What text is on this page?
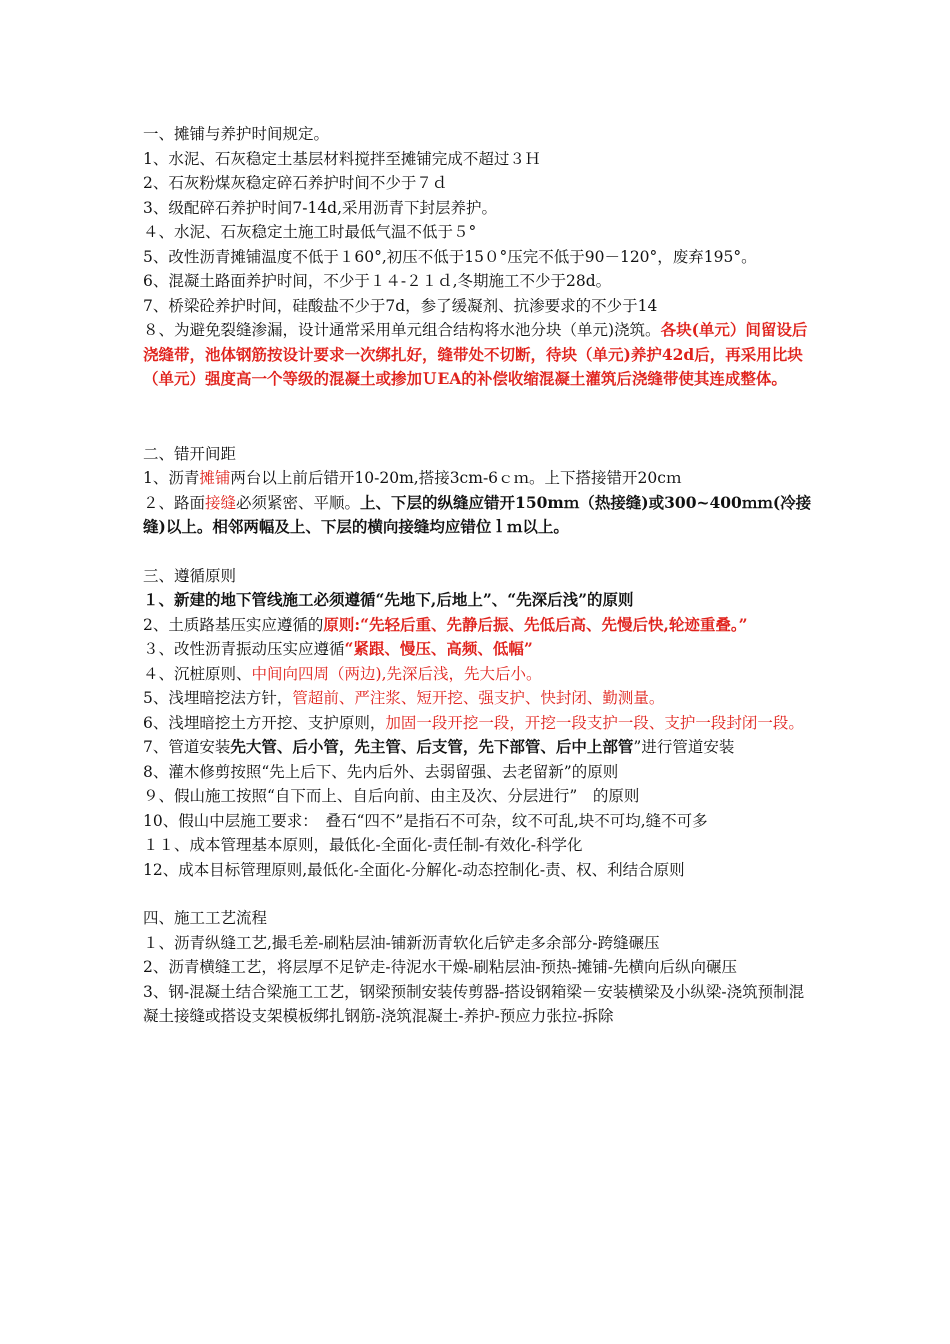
一、摊铺与养护时间规定。

1、水泥、石灰稳定土基层材料搅拌至摊铺完成不超过３Ｈ

2、石灰粉煤灰稳定碎石养护时间不少于７ｄ

3、级配碎石养护时间7-14d,采用沥青下封层养护。

４、水泥、石灰稳定土施工时最低气温不低于５°

5、改性沥青摊铺温度不低于１60°,初压不低于15０°压完不低于90－120°，废弃195°。

6、混凝土路面养护时间，不少于１４-２１ｄ,冬期施工不少于28d。

7、桥梁砼养护时间，硅酸盐不少于7d，参了缓凝剂、抗渗要求的不少于14

８、为避免裂缝渗漏，设计通常采用单元组合结构将水池分块（单元)浇筑。各块(单元）间留设后浇缝带，池体钢筋按设计要求一次绑扎好，缝带处不切断，待块（单元)养护42d后，再采用比块（单元）强度高一个等级的混凝土或掺加ＵEA的补偿收缩混凝土灌筑后浇缝带使其连成整体。

二、错开间距

1、沥青摊铺两台以上前后错开10-20m,搭接3cm-6ｃｍ。上下搭接错开20cｍ

２、路面接缝必须紧密、平顺。上、下层的纵缝应错开150mｍ（热接缝)或300~400ｍｍ(冷接缝)以上。相邻两幅及上、下层的横向接缝均应错位ｌｍ以上。

三、遵循原则

１、新建的地下管线施工必须遵循“先地下,后地上”、“先深后浅”的原则

2、土质路基压实应遵循的原则:“先轻后重、先静后振、先低后高、先慢后快,轮迹重叠。”

３、改性沥青振动压实应遵循“紧跟、慢压、高频、低幅”

４、沉桩原则、中间向四周（两边),先深后浅，先大后小。

5、浅埋暗挖法方针，管超前、严注浆、短开挖、强支护、快封闭、勤测量。

6、浅埋暗挖土方开挖、支护原则，加固一段开挖一段，开挖一段支护一段、支护一段封闭一段。

7、管道安装先大管、后小管，先主管、后支管，先下部管、后中上部管”进行管道安装

8、灌木修剪按照“先上后下、先内后外、去弱留强、去老留新”的原则

９、假山施工按照“自下而上、自后向前、由主及次、分层进行”　的原则

10、假山中层施工要求：　叠石“四不”是指石不可杂，纹不可乱,块不可均,缝不可多

１１、成本管理基本原则，最低化-全面化-责任制-有效化-科学化

12、成本目标管理原则,最低化-全面化-分解化-动态控制化-责、权、利结合原则

四、施工工艺流程

１、沥青纵缝工艺,撮毛差-刷粘层油-铺新沥青软化后铲走多余部分-跨缝碾压

2、沥青横缝工艺，将层厚不足铲走-待泥水干燥-刷粘层油-预热-摊铺-先横向后纵向碾压

3、钢-混凝土结合梁施工工艺，钢梁预制安装传剪器-搭设钢箱梁－安装横梁及小纵梁-浇筑预制混凝土接缝或搭设支架模板绑扎钢筋-浇筑混凝土-养护-预应力张拉-拆除
